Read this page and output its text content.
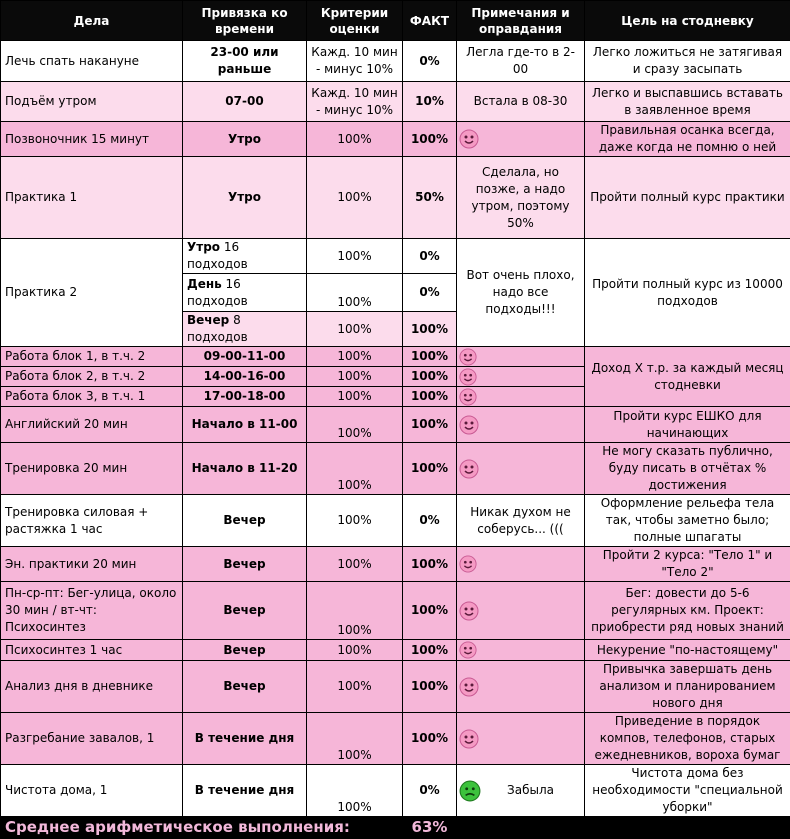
Дела	Привязка ко времени	Критерии оценки	ФАКТ	Примечания и оправдания	Цель на стодневку
Лечь спать накануне	23-00 или раньше	Кажд. 10 мин - минус 10%	0%	Легла где-то в 2-00	Легко ложиться не затягивая и сразу засыпать
Подъём утром	07-00	Кажд. 10 мин - минус 10%	10%	Встала в 08-30	Легко и выспавшись вставать в заявленное время
Позвоночник 15 минут	Утро	100%	100%		Правильная осанка всегда, даже когда не помню о ней
Практика 1	Утро	100%	50%	Сделала, но позже, а надо утром, поэтому 50%	Пройти полный курс практики
Практика 2	Утро 16 подходов	100%	0%	Вот очень плохо, надо все подходы!!!	Пройти полный курс из 10000 подходов
	День 16 подходов	100%	0%		
	Вечер 8 подходов	100%	100%		
Работа блок 1, в т.ч. 2	09-00-11-00	100%	100%		Доход Х т.р. за каждый месяц стодневки
Работа блок 2, в т.ч. 2	14-00-16-00	100%	100%	
Работа блок 3, в т.ч. 1	17-00-18-00	100%	100%	
Английский 20 мин	Начало в 11-00	100%	100%		Пройти курс ЕШКО для начинающих
Тренировка 20 мин	Начало в 11-20	100%	100%		Не могу сказать публично, буду писать в отчётах % достижения
Тренировка силовая + растяжка 1 час	Вечер	100%	0%	Никак духом не соберусь... (((	Оформление рельефа тела так, чтобы заметно было; полные шпагаты
Эн. практики 20 мин	Вечер	100%	100%		Пройти 2 курса: "Тело 1" и "Тело 2"
Пн-ср-пт: Бег-улица, около 30 мин / вт-чт: Психосинтез	Вечер	100%	100%		Бег: довести до 5-6 регулярных км. Проект: приобрести ряд новых знаний
Психосинтез 1 час	Вечер	100%	100%		Некурение "по-настоящему"
Анализ дня в дневнике	Вечер	100%	100%		Привычка завершать день анализом и планированием нового дня
Разгребание завалов, 1	В течение дня	100%	100%		Приведение в порядок компов, телефонов, старых ежедневников, вороха бумаг
Чистота дома, 1	В течение дня	100%	0%	Забыла	Чистота дома без необходимости "специальной уборки"
Среднее арифметическое выполнения:			63%		
